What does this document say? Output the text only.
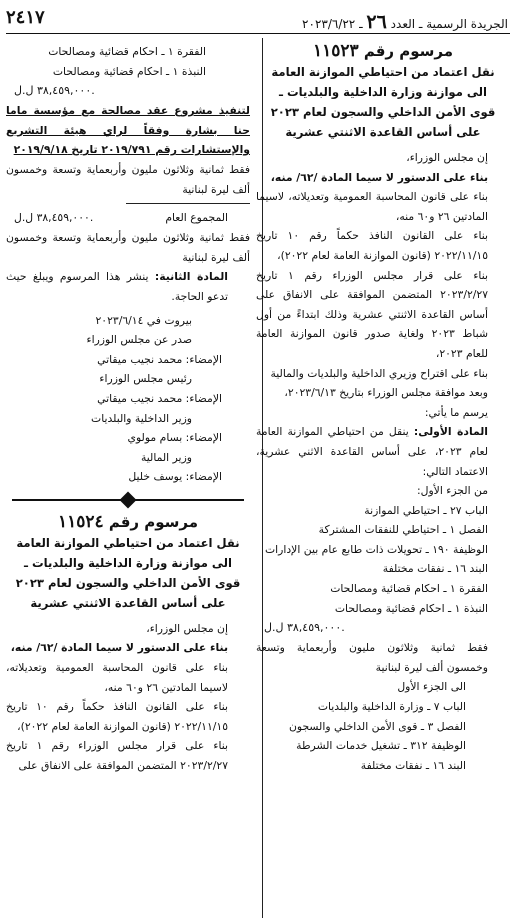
الجريدة الرسمية ـ العدد ٢٦ ـ ٢٠٢٣/٦/٢٢
٢٤١٧

مرسوم رقم ١١٥٢٣

نقل اعتماد من احتياطي الموازنة العامة

الى موازنة وزارة الداخلية والبلديات ـ

قوى الأمن الداخلي والسجون لعام ٢٠٢٣

على أساس القاعدة الاثنتي عشرية

إن مجلس الوزراء،

بناء على الدستور لا سيما المادة /٦٢/ منه،

بناء على قانون المحاسبة العمومية وتعديلاته، لاسيما المادتين ٢٦ و٦٠ منه،

بناء على القانون النافذ حكماً رقم ١٠ تاريخ ٢٠٢٢/١١/١٥ (قانون الموازنة العامة لعام ٢٠٢٢)،

بناء على قرار مجلس الوزراء رقم ١ تاريخ ٢٠٢٣/٢/٢٧ المتضمن الموافقة على الانفاق على أساس القاعدة الاثنتي عشرية وذلك ابتداءً من أول شباط ٢٠٢٣ ولغاية صدور قانون الموازنة العامة للعام ٢٠٢٣،

بناء على اقتراح وزيري الداخلية والبلديات والمالية

وبعد موافقة مجلس الوزراء بتاريخ ٢٠٢٣/٦/١٣،

يرسم ما يأتي:

المادة الأولى: ينقل من احتياطي الموازنة العامة لعام ٢٠٢٣، على أساس القاعدة الاثني عشرية، الاعتماد التالي:

من الجزء الأول:

الباب ٢٧ ـ احتياطي الموازنة

الفصل ١ ـ احتياطي للنفقات المشتركة

الوظيفة ١٩٠ ـ تحويلات ذات طابع عام بين الإدارات

البند ١٦ ـ نفقات مختلفة

الفقرة ١ ـ احكام قضائية ومصالحات

النبذة ١ ـ احكام قضائية ومصالحات

٣٨,٤٥٩,٠٠٠ ل.ل.

فقط ثمانية وثلاثون مليون وأربعماية وتسعة وخمسون ألف ليرة لبنانية

الى الجزء الأول

الباب ٧ ـ وزارة الداخلية والبلديات

الفصل ٣ ـ قوى الأمن الداخلي والسجون

الوظيفة ٣١٢ ـ تشغيل خدمات الشرطة

البند ١٦ ـ نفقات مختلفة

الفقرة ١ ـ احكام قضائية ومصالحات

النبذة ١ ـ احكام قضائية ومصالحات

٣٨,٤٥٩,٠٠٠ ل.ل.

لتنفيذ مشروع عقد مصالحة مع مؤسسة ماما حنا بشارة وفقاً لراي هيئة التشريع والإستشارات رقم ٢٠١٩/٧٩١ تاريخ ٢٠١٩/٩/١٨

فقط ثمانية وثلاثون مليون وأربعماية وتسعة وخمسون ألف ليرة لبنانية

المجموع العام
٣٨,٤٥٩,٠٠٠ ل.ل.

فقط ثمانية وثلاثون مليون وأربعماية وتسعة وخمسون ألف ليرة لبنانية

المادة الثانية: ينشر هذا المرسوم ويبلغ حيث تدعو الحاجة.

بيروت في ٢٠٢٣/٦/١٤

صدر عن مجلس الوزراء

الإمضاء: محمد نجيب ميقاتي

رئيس مجلس الوزراء

الإمضاء: محمد نجيب ميقاتي

وزير الداخلية والبلديات

الإمضاء: بسام مولوي

وزير المالية

الإمضاء: يوسف خليل

مرسوم رقم ١١٥٢٤

نقل اعتماد من احتياطي الموازنة العامة

الى موازنة وزارة الداخلية والبلديات ـ

قوى الأمن الداخلي والسجون لعام ٢٠٢٣

على أساس القاعدة الاثنتي عشرية

إن مجلس الوزراء،

بناء على الدستور لا سيما المادة /٦٢/ منه،

بناء على قانون المحاسبة العمومية وتعديلاته، لاسيما المادتين ٢٦ و٦٠ منه،

بناء على القانون النافذ حكماً رقم ١٠ تاريخ ٢٠٢٢/١١/١٥ (قانون الموازنة العامة لعام ٢٠٢٢)،

بناء على قرار مجلس الوزراء رقم ١ تاريخ ٢٠٢٣/٢/٢٧ المتضمن الموافقة على الانفاق على
